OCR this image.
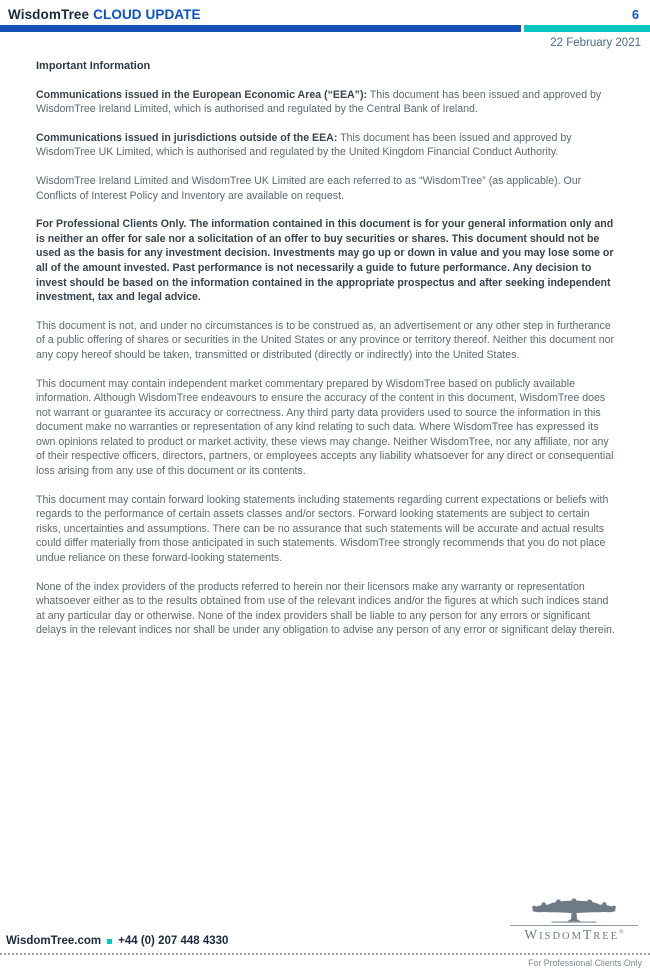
WisdomTree CLOUD UPDATE	6
22 February 2021
Important Information

Communications issued in the European Economic Area (“EEA”): This document has been issued and approved by WisdomTree Ireland Limited, which is authorised and regulated by the Central Bank of Ireland.

Communications issued in jurisdictions outside of the EEA: This document has been issued and approved by WisdomTree UK Limited, which is authorised and regulated by the United Kingdom Financial Conduct Authority.

WisdomTree Ireland Limited and WisdomTree UK Limited are each referred to as “WisdomTree” (as applicable). Our Conflicts of Interest Policy and Inventory are available on request.

For Professional Clients Only. The information contained in this document is for your general information only and is neither an offer for sale nor a solicitation of an offer to buy securities or shares. This document should not be used as the basis for any investment decision. Investments may go up or down in value and you may lose some or all of the amount invested. Past performance is not necessarily a guide to future performance. Any decision to invest should be based on the information contained in the appropriate prospectus and after seeking independent investment, tax and legal advice.

This document is not, and under no circumstances is to be construed as, an advertisement or any other step in furtherance of a public offering of shares or securities in the United States or any province or territory thereof. Neither this document nor any copy hereof should be taken, transmitted or distributed (directly or indirectly) into the United States.

This document may contain independent market commentary prepared by WisdomTree based on publicly available information. Although WisdomTree endeavours to ensure the accuracy of the content in this document, WisdomTree does not warrant or guarantee its accuracy or correctness. Any third party data providers used to source the information in this document make no warranties or representation of any kind relating to such data. Where WisdomTree has expressed its own opinions related to product or market activity, these views may change. Neither WisdomTree, nor any affiliate, nor any of their respective officers, directors, partners, or employees accepts any liability whatsoever for any direct or consequential loss arising from any use of this document or its contents.

This document may contain forward looking statements including statements regarding current expectations or beliefs with regards to the performance of certain assets classes and/or sectors. Forward looking statements are subject to certain risks, uncertainties and assumptions. There can be no assurance that such statements will be accurate and actual results could differ materially from those anticipated in such statements. WisdomTree strongly recommends that you do not place undue reliance on these forward-looking statements.

None of the index providers of the products referred to herein nor their licensors make any warranty or representation whatsoever either as to the results obtained from use of the relevant indices and/or the figures at which such indices stand at any particular day or otherwise. None of the index providers shall be liable to any person for any errors or significant delays in the relevant indices nor shall be under any obligation to advise any person of any error or significant delay therein.

WISDOMTREE®
WisdomTree.com +44 (0) 207 448 4330
For Professional Clients Only
